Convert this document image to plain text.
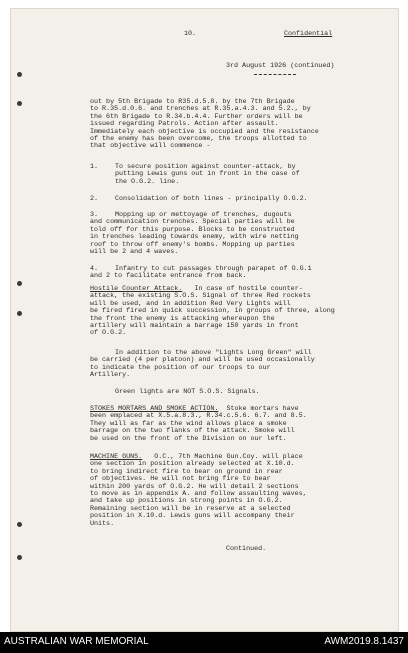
10.	Confidential
3rd August 1926 (continued)
out by 5th Brigade to R35.d.5.8. by the 7th Brigade
to R.35.d.0.6. and trenches at R.35.a.4.3. and 5.2., by
the 6th Brigade to R.34.b.4.4. Further orders will be
issued regarding Patrols. Action after assault.
Immediately each objective is occupied and the resistance
of the enemy has been overcome, the troops allotted to
that objective will commence -
1.	To secure position against counter-attack, by
putting Lewis guns out in front in the case of
the O.G.2. line.
2.	Consolidation of both lines - principally O.G.2.
3.	Mopping up or mettoyage of trenches, dugouts
and communication trenches. Special parties will be
told off for this purpose. Blocks to be constructed
in trenches leading towards enemy, with wire netting
roof to throw off enemy's bombs. Mopping up parties
will be 2 and 4 waves.
4.	Infantry to cut passages through parapet of O.G.1
and 2 to facilitate entrance from back.
Hostile Counter Attack. In case of hostile counter-
attack, the existing S.O.S. Signal of three Red rockets
will be used, and in addition Red Very Lights will
be fired fired in quick succession, in groups of three, along
the front the enemy is attacking whereupon the
artillery will maintain a barrage 150 yards in front
of O.G.2.
In addition to the above "Lights Long Green" will
be carried (4 per platoon) and will be used occasionally
to indicate the position of our troops to our
Artillery.
Green lights are NOT S.O.S. Signals.
STOKES MORTARS AND SMOKE ACTION. Stoke mortars have
been emplaced at X.5.a.8.3., R.34.c.5.6. 6.7. and 8.5.
They will as far as the wind allows place a smoke
barrage on the two flanks of the attack. Smoke will
be used on the front of the Division on our left.
MACHINE GUNS. O.C., 7th Machine Gun.Coy. will place
one section in position already selected at X.10.d.
to bring indirect fire to bear on ground in rear
of objectives. He will not bring fire to bear
within 200 yards of O.G.2. He will detail 2 sections
to move as in appendix A. and follow assaulting waves,
and take up positions in strong points in O.G.2.
Remaining section will be in reserve at a selected
position in X.10.d. Lewis guns will accompany their
Units.
Continued.
AUSTRALIAN WAR MEMORIAL	AWM2019.8.1437
